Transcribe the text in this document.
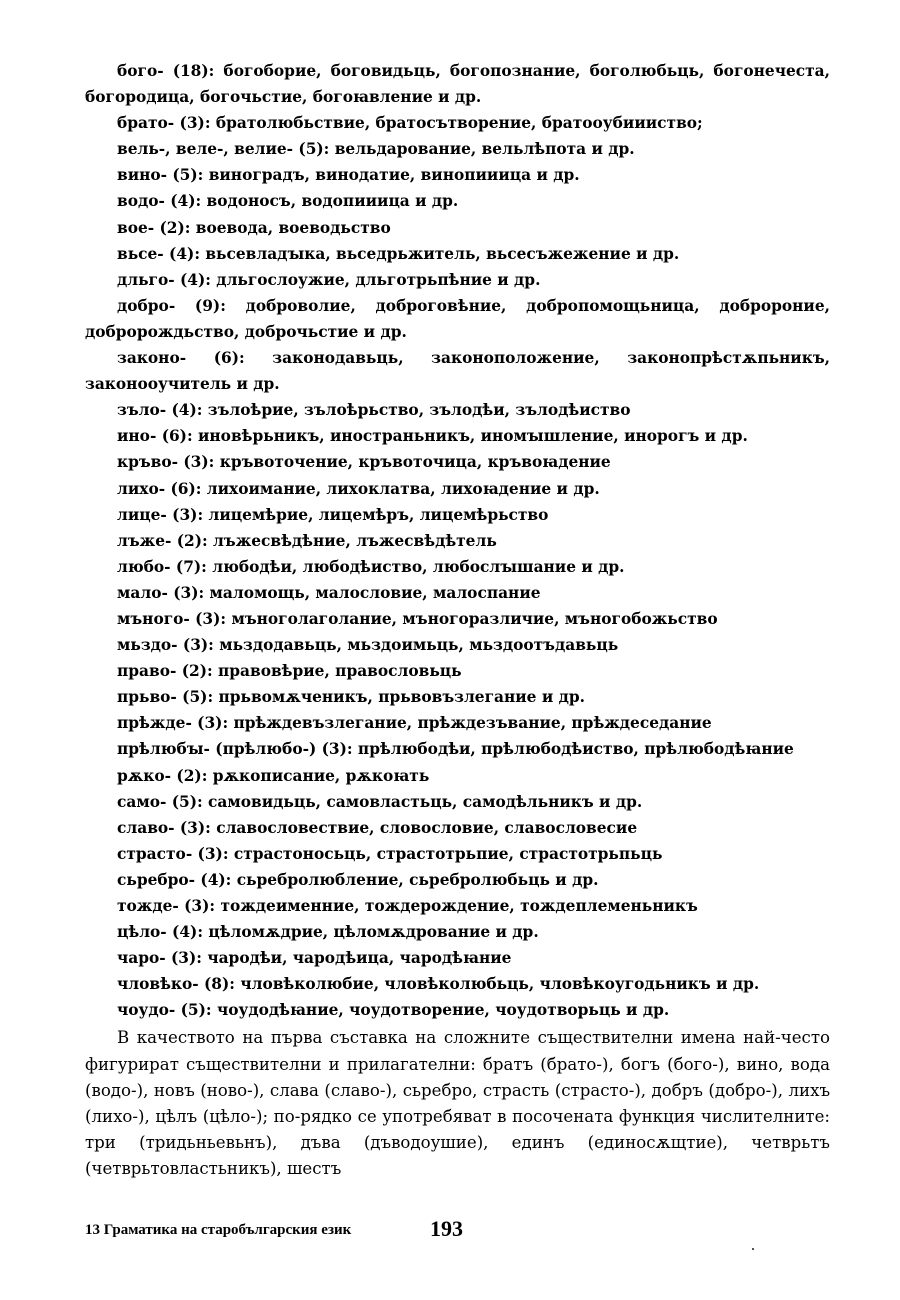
бого- (18): богоборие, боговидьць, богопознание, боголюбьць, богонечеста, богородица, богочьстие, богоꙗвление и др.
брато- (3): братолюбьствие, братосътворение, братооубиииство;
вель-, веле-, велие- (5): вельдарование, вельлѣпота и др.
вино- (5): виноградъ, винодатие, винопииица и др.
водо- (4): водоносъ, водопииица и др.
вое- (2): воевода, воеводьство
вьсе- (4): вьсевладꙑка, вьседрьжитель, вьсесъжежение и др.
дльго- (4): дльгослоужие, дльготрьпѣние и др.
добро- (9): доброволие, доброговѣние, добропомощьница, добророние, добророждьство, доброчьстие и др.
законо- (6): законодавьць, законоположение, законопрѣстѫпьникъ, законооучитель и др.
зъло- (4): зълоѣрие, зълоѣрьство, зълодѣи, зълодѣиство
ино- (6): иновѣрьникъ, иностраньникъ, иномꙑшление, инорогъ и др.
кръво- (3): кръвоточение, кръвоточица, кръвоꙗдение
лихо- (6): лихоимание, лихоклатва, лихоꙗдение и др.
лице- (3): лицемѣрие, лицемѣръ, лицемѣрьство
лъже- (2): лъжесвѣдѣние, лъжесвѣдѣтель
любо- (7): любодѣи, любодѣиство, любослꙑшание и др.
мало- (3): маломощь, малословие, малоспание
мъного- (3): мъноголаголание, мъногоразличие, мъногобожьство
мьздо- (3): мьздодавьць, мьздоимьць, мьздоотъдавьць
право- (2): правовѣрие, правословьць
прьво- (5): прьвомѫченикъ, прьвовъзлегание и др.
прѣжде- (3): прѣждевъзлегание, прѣждезъвание, прѣждеседание
прѣлюбꙑ- (прѣлюбо-) (3): прѣлюбодѣи, прѣлюбодѣиство, прѣлюбодѣꙗние
рѫко- (2): рѫкописание, рѫкоꙗть
само- (5): самовидьць, самовластьць, самодѣльникъ и др.
славо- (3): славословествие, словословие, славословесие
страсто- (3): страстоносьць, страстотрьпие, страстотрьпьць
сьребро- (4): сьребролюбление, сьребролюбьць и др.
тожде- (3): тождеименние, тождерождение, тождеплеменьникъ
цѣло- (4): цѣломѫдрие, цѣломѫдрование и др.
чаро- (3): чародѣи, чародѣица, чародѣꙗние
чловѣко- (8): чловѣколюбие, чловѣколюбьць, чловѣкоугодьникъ и др.
чоудо- (5): чоудодѣꙗние, чоудотворение, чоудотворьць и др.
В качеството на първа съставка на сложните съществителни имена най-често фигурират съществителни и прилагателни: братъ (брато-), богъ (бого-), вино, вода (водо-), новъ (ново-), слава (славо-), сьребро, страсть (страсто-), добръ (добро-), лихъ (лихо-), цѣлъ (цѣло-); по-рядко се употребяват в посочената функция числителните: три (тридьньевьнъ), дъва (дъводоушие), единъ (единосѫщтие), четврьтъ (четврьтовластьникъ), шестъ
13 Граматика на старобългарския език	193
